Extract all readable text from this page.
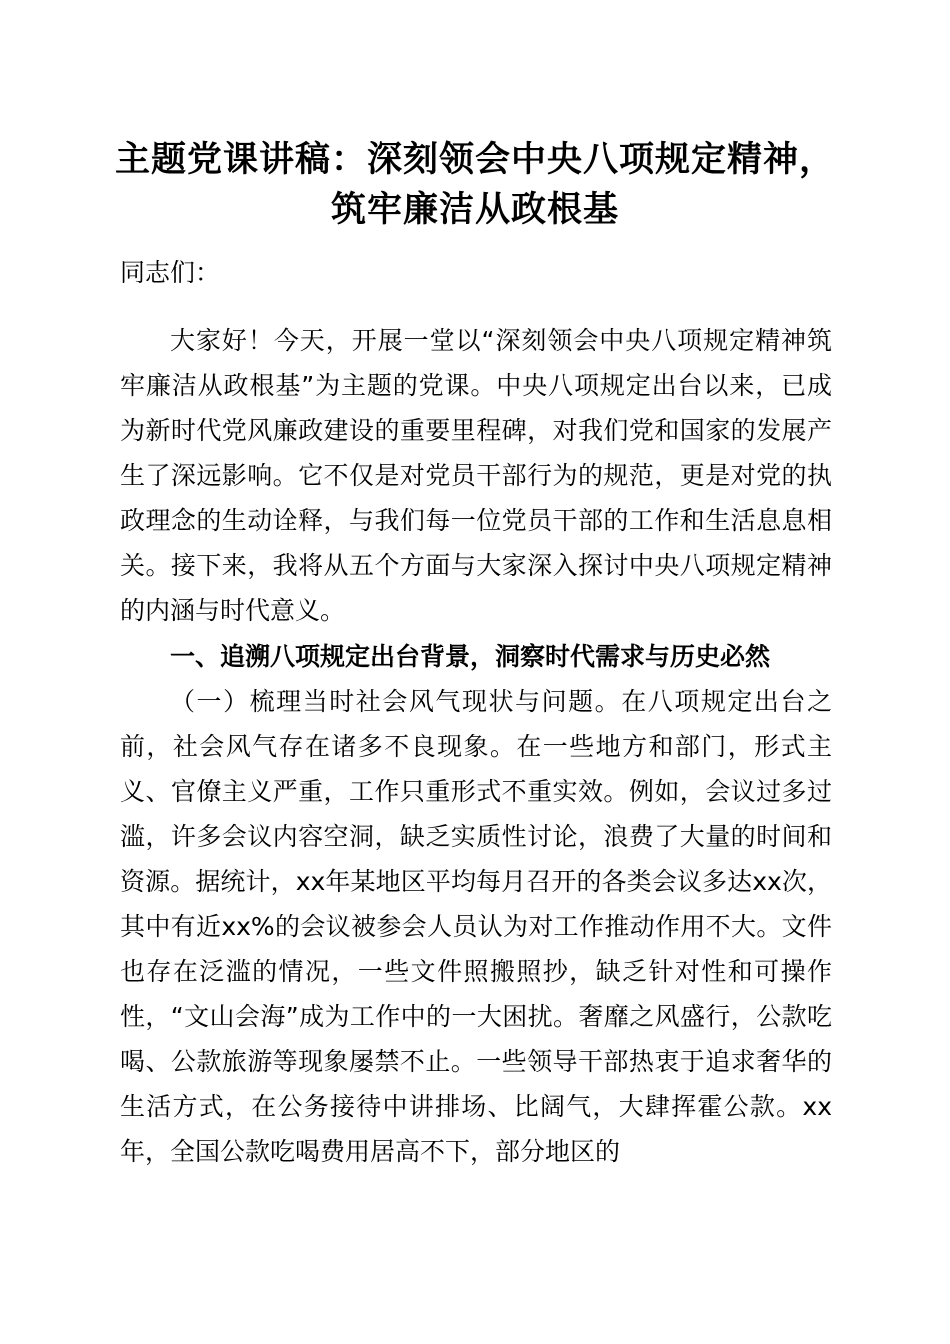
主题党课讲稿：深刻领会中央八项规定精神，
筑牢廉洁从政根基

同志们：

大家好！今天，开展一堂以“深刻领会中央八项规定精神筑牢廉洁从政根基”为主题的党课。中央八项规定出台以来，已成为新时代党风廉政建设的重要里程碑，对我们党和国家的发展产生了深远影响。它不仅是对党员干部行为的规范，更是对党的执政理念的生动诠释，与我们每一位党员干部的工作和生活息息相关。接下来，我将从五个方面与大家深入探讨中央八项规定精神的内涵与时代意义。

一、追溯八项规定出台背景，洞察时代需求与历史必然

（一）梳理当时社会风气现状与问题。在八项规定出台之前，社会风气存在诸多不良现象。在一些地方和部门，形式主义、官僚主义严重，工作只重形式不重实效。例如，会议过多过滥，许多会议内容空洞，缺乏实质性讨论，浪费了大量的时间和资源。据统计，xx年某地区平均每月召开的各类会议多达xx次，其中有近xx%的会议被参会人员认为对工作推动作用不大。文件也存在泛滥的情况，一些文件照搬照抄，缺乏针对性和可操作性，“文山会海”成为工作中的一大困扰。奢靡之风盛行，公款吃喝、公款旅游等现象屡禁不止。一些领导干部热衷于追求奢华的生活方式，在公务接待中讲排场、比阔气，大肆挥霍公款。xx年，全国公款吃喝费用居高不下，部分地区的
